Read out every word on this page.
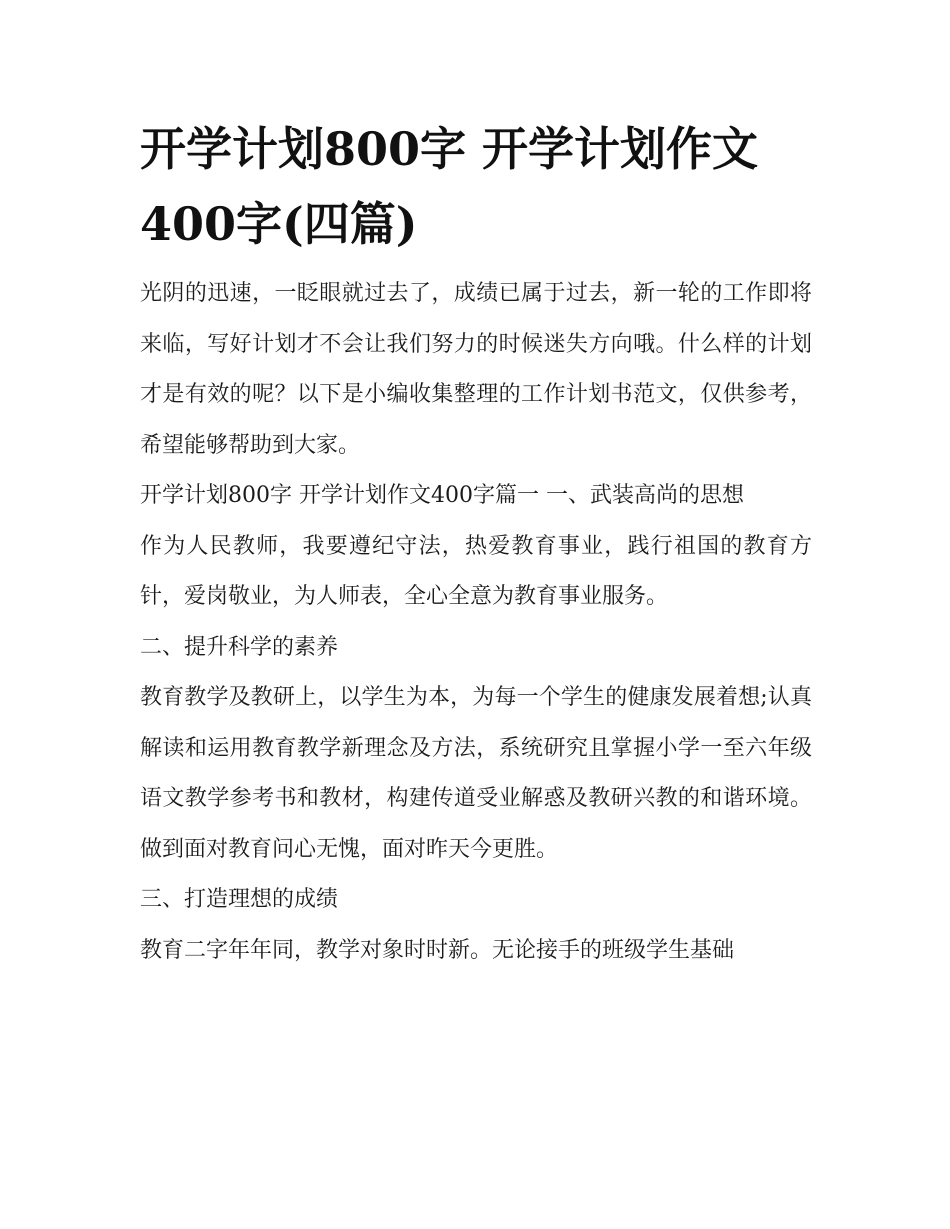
开学计划800字 开学计划作文400字(四篇)

光阴的迅速，一眨眼就过去了，成绩已属于过去，新一轮的工作即将来临，写好计划才不会让我们努力的时候迷失方向哦。什么样的计划才是有效的呢？以下是小编收集整理的工作计划书范文，仅供参考，希望能够帮助到大家。

开学计划800字 开学计划作文400字篇一 一、武装高尚的思想

作为人民教师，我要遵纪守法，热爱教育事业，践行祖国的教育方针，爱岗敬业，为人师表，全心全意为教育事业服务。

二、提升科学的素养

教育教学及教研上，以学生为本，为每一个学生的健康发展着想;认真解读和运用教育教学新理念及方法，系统研究且掌握小学一至六年级语文教学参考书和教材，构建传道受业解惑及教研兴教的和谐环境。做到面对教育问心无愧，面对昨天今更胜。

三、打造理想的成绩

教育二字年年同，教学对象时时新。无论接手的班级学生基础
